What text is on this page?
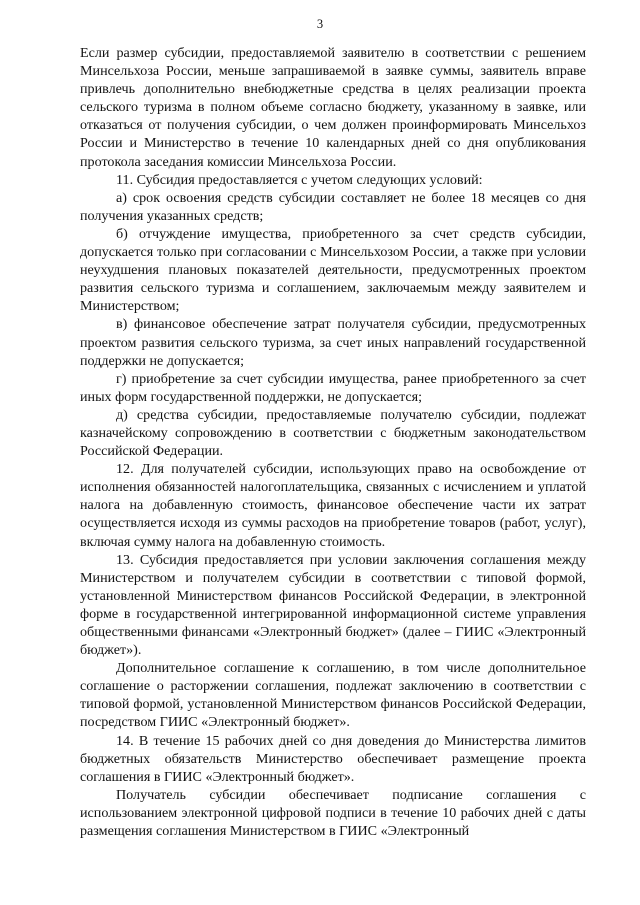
3

Если размер субсидии, предоставляемой заявителю в соответствии с решением Минсельхоза России, меньше запрашиваемой в заявке суммы, заявитель вправе привлечь дополнительно внебюджетные средства в целях реализации проекта сельского туризма в полном объеме согласно бюджету, указанному в заявке, или отказаться от получения субсидии, о чем должен проинформировать Минсельхоз России и Министерство в течение 10 календарных дней со дня опубликования протокола заседания комиссии Минсельхоза России.

11. Субсидия предоставляется с учетом следующих условий:

а) срок освоения средств субсидии составляет не более 18 месяцев со дня получения указанных средств;

б) отчуждение имущества, приобретенного за счет средств субсидии, допускается только при согласовании с Минсельхозом России, а также при условии неухудшения плановых показателей деятельности, предусмотренных проектом развития сельского туризма и соглашением, заключаемым между заявителем и Министерством;

в) финансовое обеспечение затрат получателя субсидии, предусмотренных проектом развития сельского туризма, за счет иных направлений государственной поддержки не допускается;

г) приобретение за счет субсидии имущества, ранее приобретенного за счет иных форм государственной поддержки, не допускается;

д) средства субсидии, предоставляемые получателю субсидии, подлежат казначейскому сопровождению в соответствии с бюджетным законодательством Российской Федерации.

12. Для получателей субсидии, использующих право на освобождение от исполнения обязанностей налогоплательщика, связанных с исчислением и уплатой налога на добавленную стоимость, финансовое обеспечение части их затрат осуществляется исходя из суммы расходов на приобретение товаров (работ, услуг), включая сумму налога на добавленную стоимость.

13. Субсидия предоставляется при условии заключения соглашения между Министерством и получателем субсидии в соответствии с типовой формой, установленной Министерством финансов Российской Федерации, в электронной форме в государственной интегрированной информационной системе управления общественными финансами «Электронный бюджет» (далее – ГИИС «Электронный бюджет»).

Дополнительное соглашение к соглашению, в том числе дополнительное соглашение о расторжении соглашения, подлежат заключению в соответствии с типовой формой, установленной Министерством финансов Российской Федерации, посредством ГИИС «Электронный бюджет».

14. В течение 15 рабочих дней со дня доведения до Министерства лимитов бюджетных обязательств Министерство обеспечивает размещение проекта соглашения в ГИИС «Электронный бюджет».

Получатель субсидии обеспечивает подписание соглашения с использованием электронной цифровой подписи в течение 10 рабочих дней с даты размещения соглашения Министерством в ГИИС «Электронный
